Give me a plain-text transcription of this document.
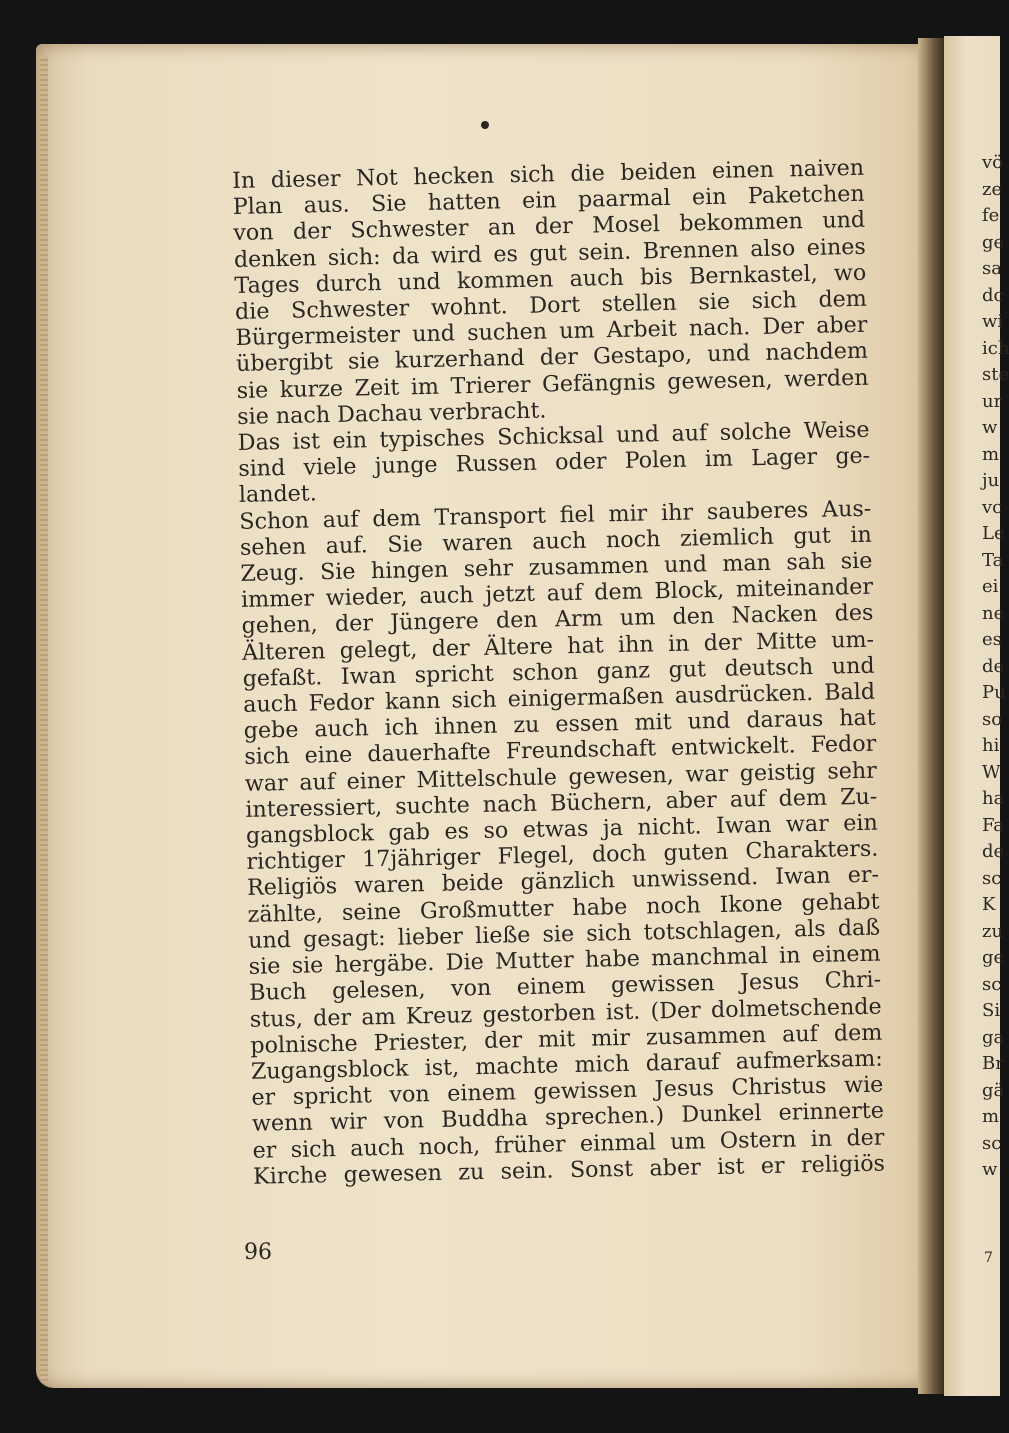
In dieser Not hecken sich die beiden einen naiven
Plan aus. Sie hatten ein paarmal ein Paketchen
von der Schwester an der Mosel bekommen und
denken sich: da wird es gut sein. Brennen also eines
Tages durch und kommen auch bis Bernkastel, wo
die Schwester wohnt. Dort stellen sie sich dem
Bürgermeister und suchen um Arbeit nach. Der aber
übergibt sie kurzerhand der Gestapo, und nachdem
sie kurze Zeit im Trierer Gefängnis gewesen, werden
sie nach Dachau verbracht.
Das ist ein typisches Schicksal und auf solche Weise
sind viele junge Russen oder Polen im Lager ge-
landet.
Schon auf dem Transport fiel mir ihr sauberes Aus-
sehen auf. Sie waren auch noch ziemlich gut in
Zeug. Sie hingen sehr zusammen und man sah sie
immer wieder, auch jetzt auf dem Block, miteinander
gehen, der Jüngere den Arm um den Nacken des
Älteren gelegt, der Ältere hat ihn in der Mitte um-
gefaßt. Iwan spricht schon ganz gut deutsch und
auch Fedor kann sich einigermaßen ausdrücken. Bald
gebe auch ich ihnen zu essen mit und daraus hat
sich eine dauerhafte Freundschaft entwickelt. Fedor
war auf einer Mittelschule gewesen, war geistig sehr
interessiert, suchte nach Büchern, aber auf dem Zu-
gangsblock gab es so etwas ja nicht. Iwan war ein
richtiger 17jähriger Flegel, doch guten Charakters.
Religiös waren beide gänzlich unwissend. Iwan er-
zählte, seine Großmutter habe noch Ikone gehabt
und gesagt: lieber ließe sie sich totschlagen, als daß
sie sie hergäbe. Die Mutter habe manchmal in einem
Buch gelesen, von einem gewissen Jesus Chri-
stus, der am Kreuz gestorben ist. (Der dolmetschende
polnische Priester, der mit mir zusammen auf dem
Zugangsblock ist, machte mich darauf aufmerksam:
er spricht von einem gewissen Jesus Christus wie
wenn wir von Buddha sprechen.) Dunkel erinnerte
er sich auch noch, früher einmal um Ostern in der
Kirche gewesen zu sein. Sonst aber ist er religiös
96
vö
ze
fe
ge
sa
dc
wi
ich
ste
ur
w
m
ju
vc
Le
Ta
ei
ne
es
de
Pu
so
hi
W
ha
Fa
de
sc
K
zu
ge
sc
Si
ga
Br
gä
m
sc
w
7
